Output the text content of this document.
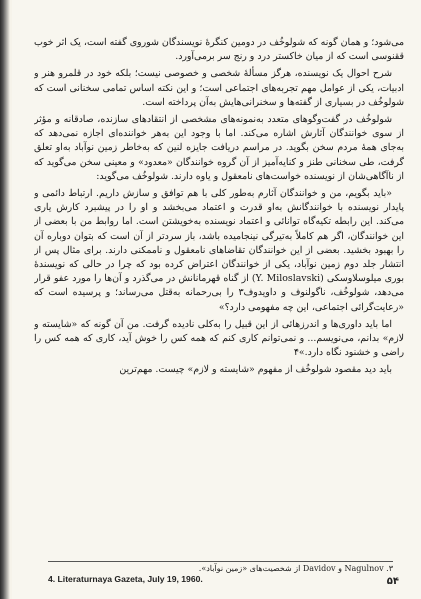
می‌شود؛ و همان گونه که شولوخُف در دومین کنگرهٔ نویسندگان شوروی گفته است، یک اثر خوب ققنوسی است که از میان خاکستر درد و رنج سر برمی‌آورد.

شرح احوال یک نویسنده، هرگز مسألهٔ شخصی و خصوصی نیست؛ بلکه خود در قلمرو هنر و ادبیات، یکی از عوامل مهم تجربه‌های اجتماعی است؛ و این نکته اساس تمامی سخنانی است که شولوخُف در بسیاری از گفته‌ها و سخنرانی‌هایش به‌آن پرداخته است.

شولوخُف در گفت‌وگوهای متعدد به‌نمونه‌های مشخصی از انتقادهای سازنده، صادقانه و مؤثر از سوی خوانندگان آثارش اشاره می‌کند. اما با وجود این به‌هر خواننده‌ای اجازه نمی‌دهد که به‌جای همهٔ مردم سخن بگوید. در مراسم دریافت جایزه لنین که به‌خاطر زمین نوآباد به‌او تعلق گرفت، طی سخنانی طنز و کنایه‌آمیز از آن گروه خوانندگان «معدود» و معینی سخن می‌گوید که از ناآگاهی‌شان از نویسنده خواست‌های نامعقول و یاوه دارند. شولوخُف می‌گوید:

«باید بگویم، من و خوانندگان آثارم به‌طور کلی با هم توافق و سازش داریم. ارتباط دائمی و پایدار نویسنده با خوانندگانش به‌او قدرت و اعتماد می‌بخشد و او را در پیشبرد کارش یاری می‌کند. این رابطه تکیه‌گاه توانائی و اعتماد نویسنده به‌خویشتن است. اما روابط من با بعضی از این خوانندگان، اگر هم کاملاً به‌تیرگی نینجامیده باشد، باز سردتر از آن است که بتوان دوباره آن را بهبود بخشید. بعضی از این خوانندگان تقاضاهای نامعقول و ناممکنی دارند. برای مثال پس از انتشار جلد دوم زمین نوآباد، یکی از خوانندگان اعتراض کرده بود که چرا در حالی که نویسندهٔ بوری میلوسلاوسکی (Y. Miloslavski) از گناه قهرمانانش در می‌گذرد و آن‌ها را مورد عفو قرار می‌دهد، شولوخُف، ناگولنوف و داویدوف۳ را بی‌رحمانه به‌قتل می‌رساند؛ و پرسیده است که «رعایت‌گرائی اجتماعی، این چه مفهومی دارد؟»

اما باید داوری‌ها و اندرزهائی از این قبیل را به‌کلی نادیده گرفت. من آن گونه که «شایسته و لازم» بدانم، می‌نویسم... و نمی‌توانم کاری کنم که همه کس را خوش آید، کاری که همه کس را راضی و خشنود نگاه دارد.»۴

باید دید مقصود شولوخُف از مفهوم «شایسته و لازم» چیست. مهم‌ترین

۳. Nagulnov و Davidov از شخصیت‌های «زمین نوآباد».
4. Literaturnaya Gazeta, July 19, 1960.	۵۴
